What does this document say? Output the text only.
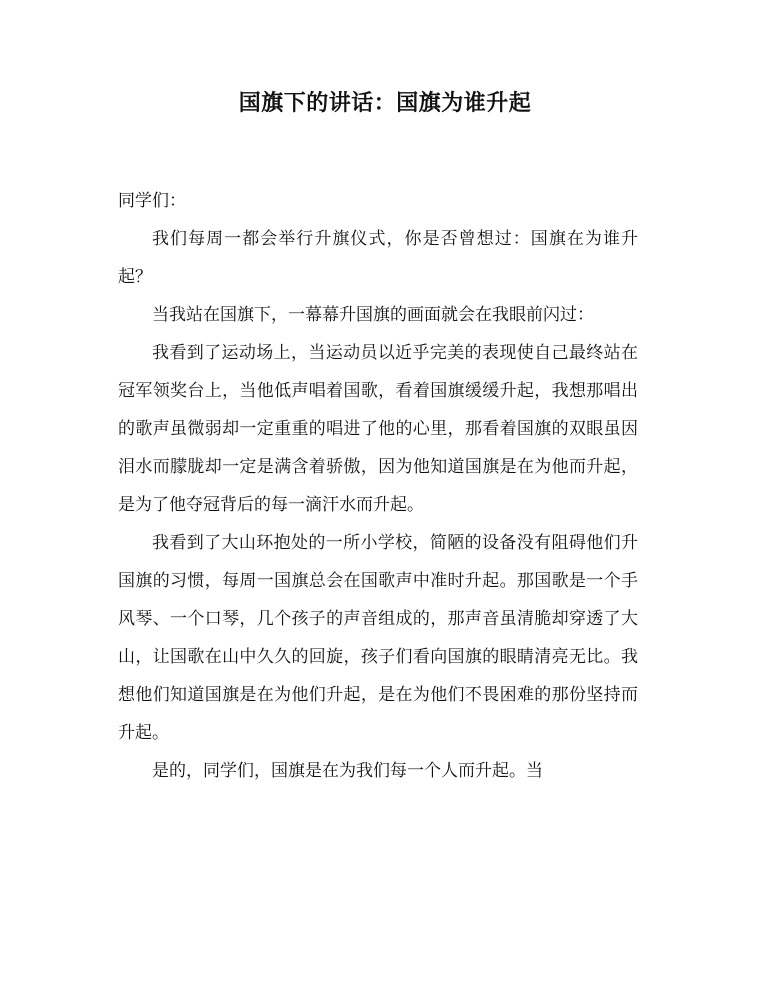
国旗下的讲话：国旗为谁升起

同学们：

我们每周一都会举行升旗仪式，你是否曾想过：国旗在为谁升起？

当我站在国旗下，一幕幕升国旗的画面就会在我眼前闪过：

我看到了运动场上，当运动员以近乎完美的表现使自己最终站在冠军领奖台上，当他低声唱着国歌，看着国旗缓缓升起，我想那唱出的歌声虽微弱却一定重重的唱进了他的心里，那看着国旗的双眼虽因泪水而朦胧却一定是满含着骄傲，因为他知道国旗是在为他而升起，是为了他夺冠背后的每一滴汗水而升起。

我看到了大山环抱处的一所小学校，简陋的设备没有阻碍他们升国旗的习惯，每周一国旗总会在国歌声中准时升起。那国歌是一个手风琴、一个口琴，几个孩子的声音组成的，那声音虽清脆却穿透了大山，让国歌在山中久久的回旋，孩子们看向国旗的眼睛清亮无比。我想他们知道国旗是在为他们升起，是在为他们不畏困难的那份坚持而升起。

是的，同学们，国旗是在为我们每一个人而升起。当
